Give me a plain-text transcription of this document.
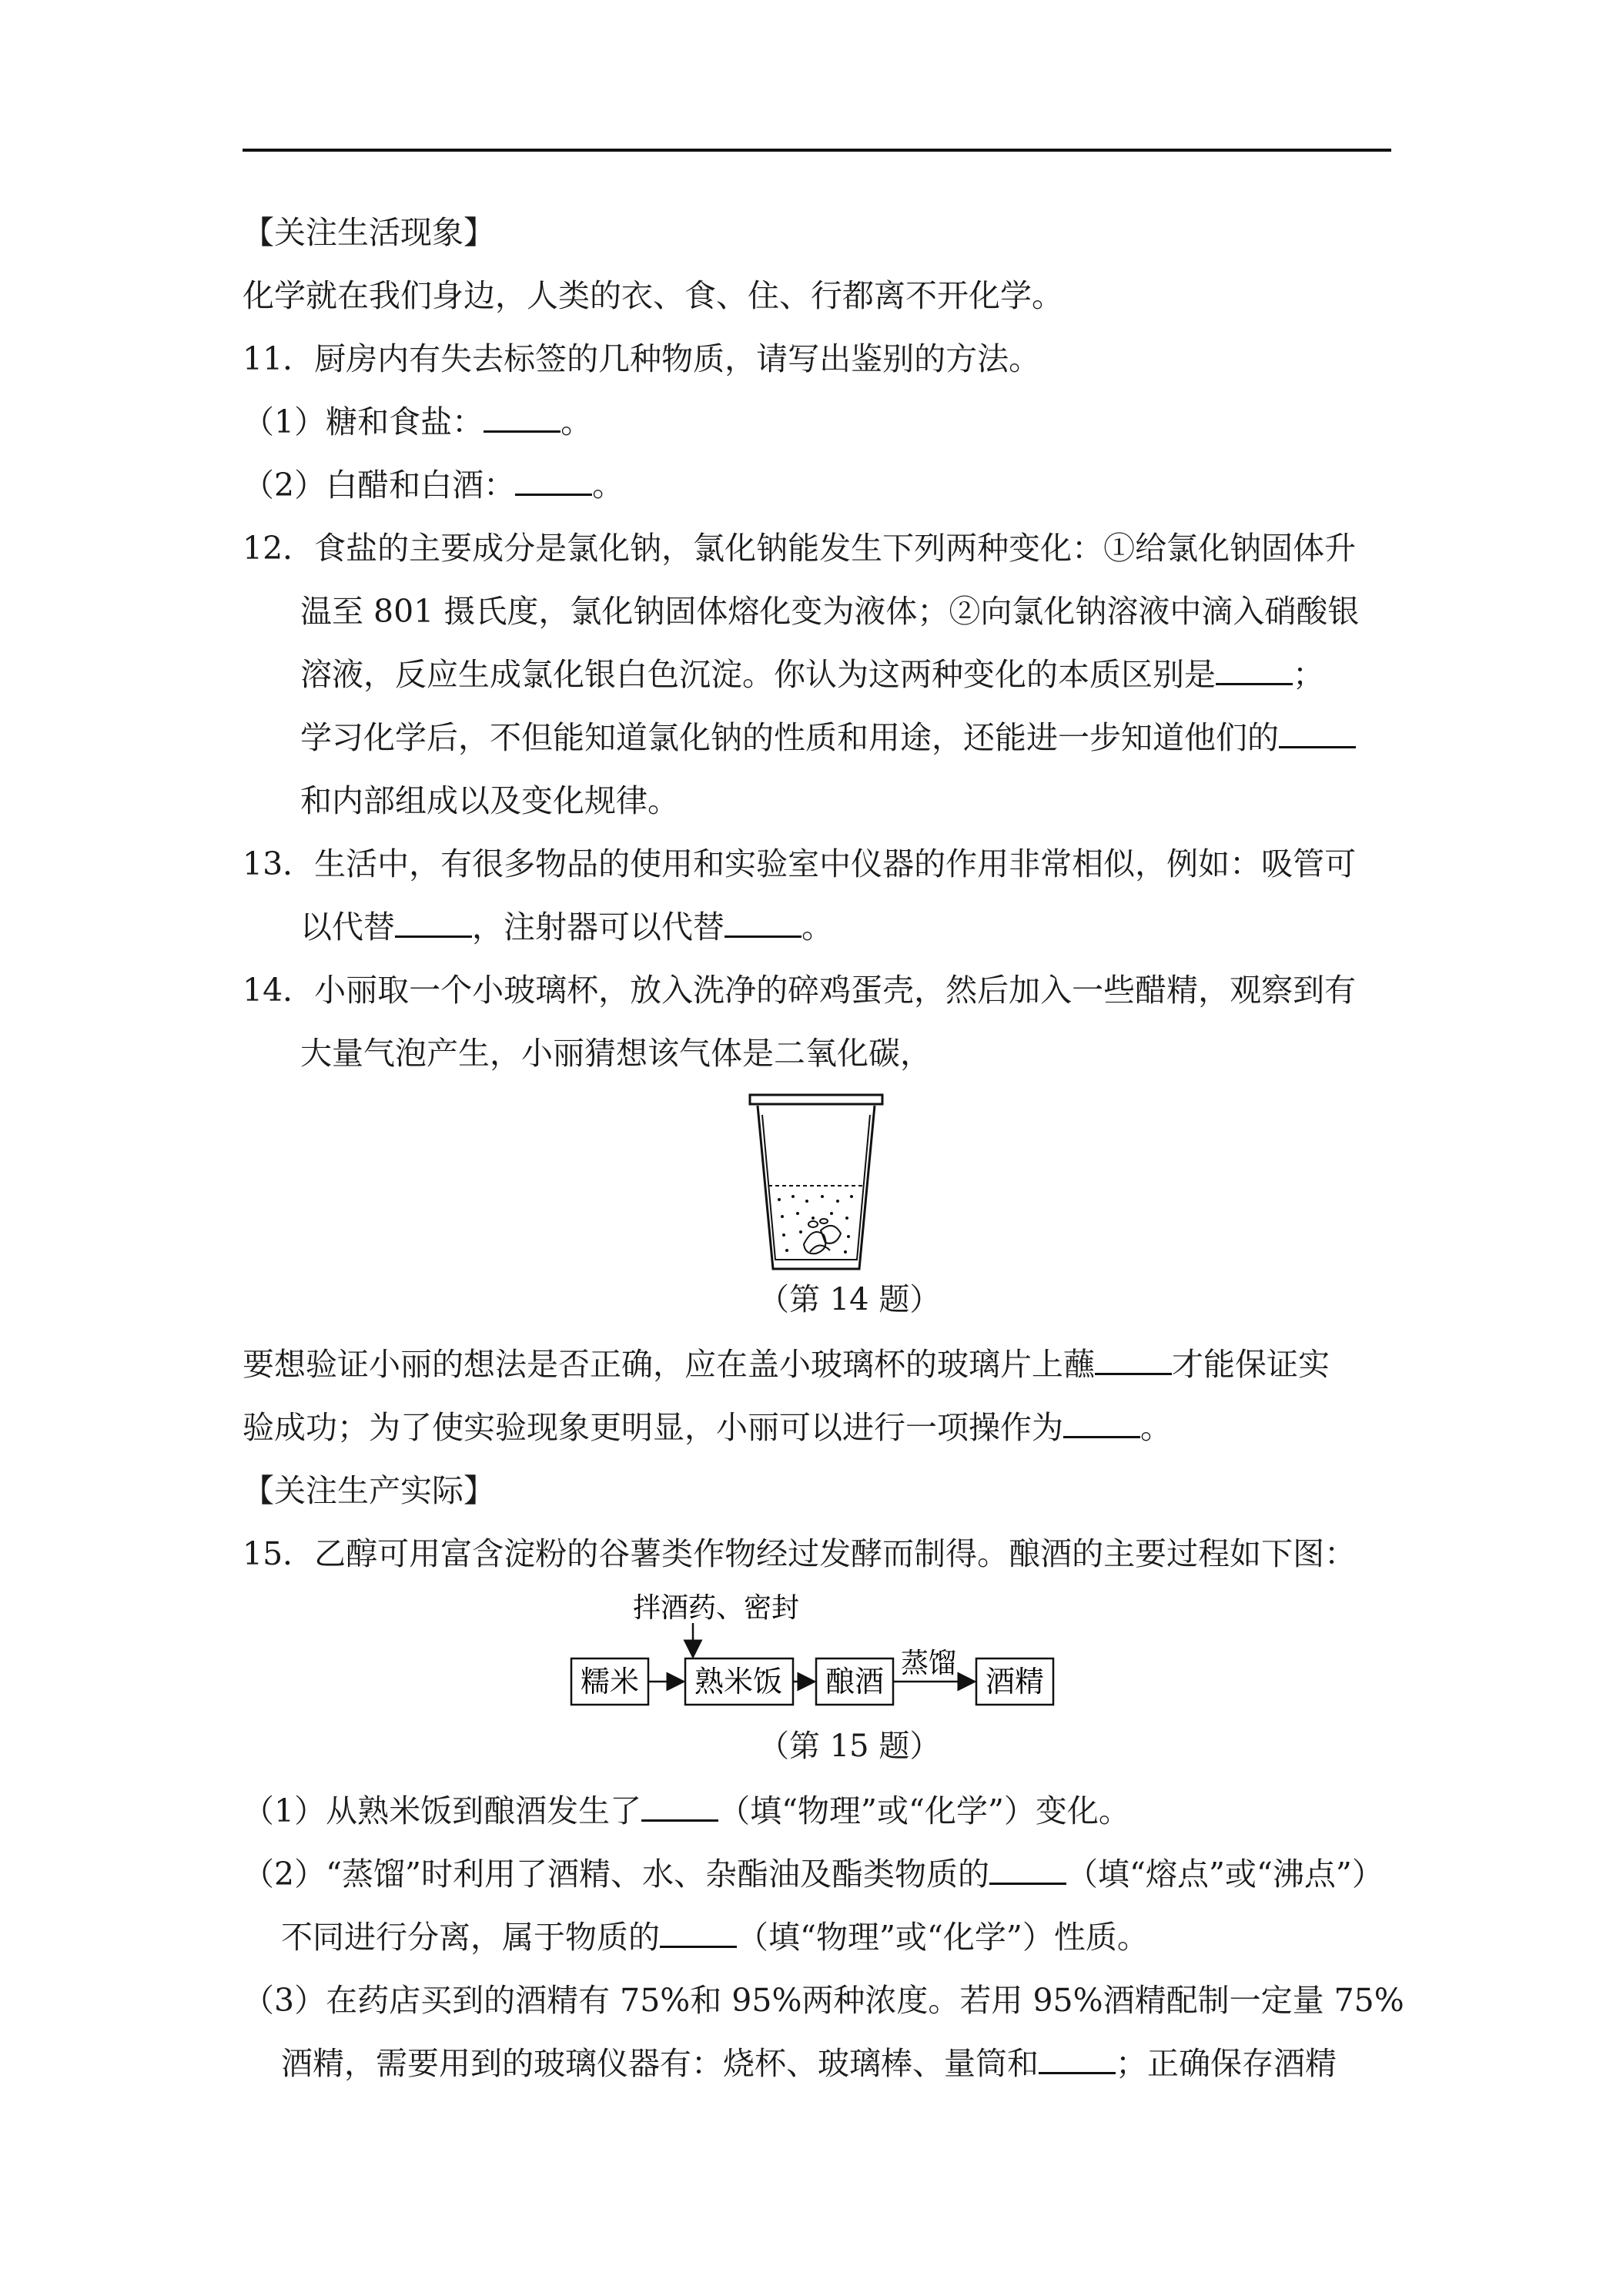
【关注生活现象】
化学就在我们身边，人类的衣、食、住、行都离不开化学。
11．厨房内有失去标签的几种物质，请写出鉴别的方法。
（1）糖和食盐： 。
（2）白醋和白酒： 。
12．食盐的主要成分是氯化钠，氯化钠能发生下列两种变化：①给氯化钠固体升
温至 801 摄氏度，氯化钠固体熔化变为液体；②向氯化钠溶液中滴入硝酸银
溶液，反应生成氯化银白色沉淀。你认为这两种变化的本质区别是 ；
学习化学后，不但能知道氯化钠的性质和用途，还能进一步知道他们的
和内部组成以及变化规律。
13．生活中，有很多物品的使用和实验室中仪器的作用非常相似，例如：吸管可
以代替 ，注射器可以代替 。
14．小丽取一个小玻璃杯，放入洗净的碎鸡蛋壳，然后加入一些醋精，观察到有
大量气泡产生，小丽猜想该气体是二氧化碳，
（第 14 题）
要想验证小丽的想法是否正确，应在盖小玻璃杯的玻璃片上蘸 才能保证实
验成功；为了使实验现象更明显，小丽可以进行一项操作为 。
【关注生产实际】
15．乙醇可用富含淀粉的谷薯类作物经过发酵而制得。酿酒的主要过程如下图：
拌酒药、密封
糯米 熟米饭 酿酒
蒸馏
酒精
（第 15 题）
（1）从熟米饭到酿酒发生了 （填“物理”或“化学”）变化。
（2）“蒸馏”时利用了酒精、水、杂酯油及酯类物质的 （填“熔点”或“沸点”）
不同进行分离，属于物质的 （填“物理”或“化学”）性质。
（3）在药店买到的酒精有 75%和 95%两种浓度。若用 95%酒精配制一定量 75%
酒精，需要用到的玻璃仪器有：烧杯、玻璃棒、量筒和 ；正确保存酒精
